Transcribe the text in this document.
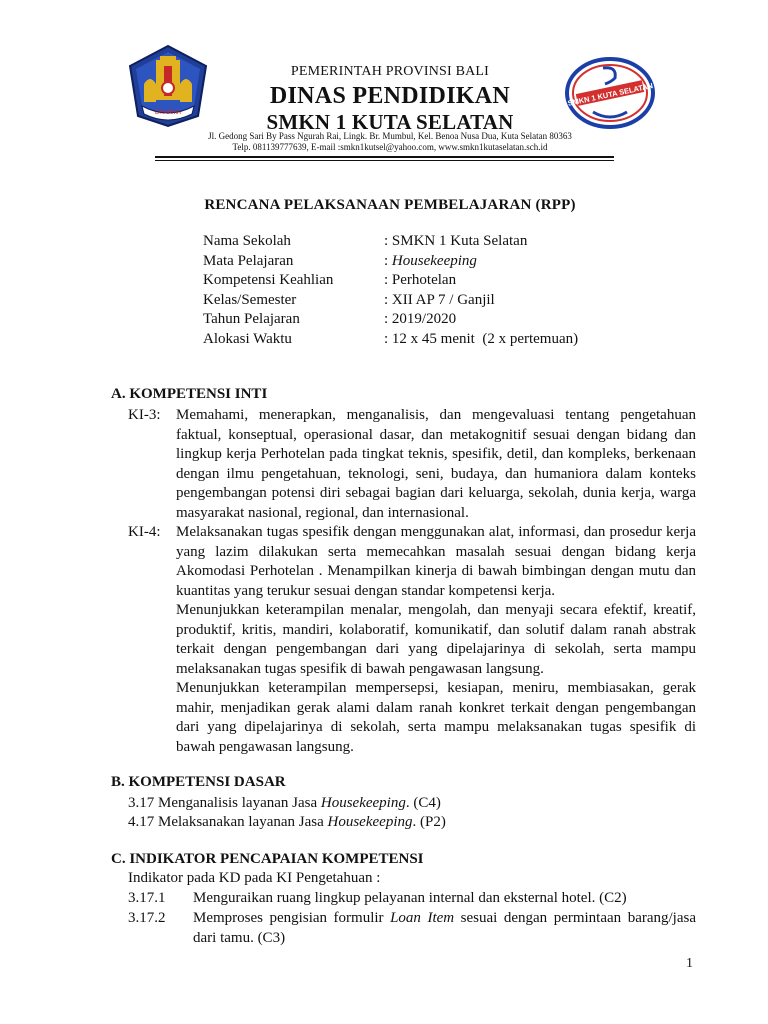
DHARMA
SMKN 1 KUTA SELATAN
PEMERINTAH PROVINSI BALI
DINAS PENDIDIKAN
SMKN 1 KUTA SELATAN
Jl. Gedong Sari By Pass Ngurah Rai, Lingk. Br. Mumbul, Kel. Benoa Nusa Dua, Kuta Selatan 80363
Telp. 081139777639, E-mail :smkn1kutsel@yahoo.com, www.smkn1kutaselatan.sch.id
RENCANA PELAKSANAAN PEMBELAJARAN (RPP)
Nama Sekolah	: SMKN 1 Kuta Selatan
Mata Pelajaran	: Housekeeping
Kompetensi Keahlian	: Perhotelan
Kelas/Semester	: XII AP 7 / Ganjil
Tahun Pelajaran	: 2019/2020
Alokasi Waktu	: 12 x 45 menit  (2 x pertemuan)
A. KOMPETENSI INTI
KI-3: Memahami, menerapkan, menganalisis, dan mengevaluasi tentang pengetahuan faktual, konseptual, operasional dasar, dan metakognitif sesuai dengan bidang dan lingkup kerja Perhotelan pada tingkat teknis, spesifik, detil, dan kompleks, berkenaan dengan ilmu pengetahuan, teknologi, seni, budaya, dan humaniora dalam konteks pengembangan potensi diri sebagai bagian dari keluarga, sekolah, dunia kerja, warga masyarakat nasional, regional, dan internasional.

KI-4: Melaksanakan tugas spesifik dengan menggunakan alat, informasi, dan prosedur kerja yang lazim dilakukan serta memecahkan masalah sesuai dengan bidang kerja Akomodasi Perhotelan . Menampilkan kinerja di bawah bimbingan dengan mutu dan kuantitas yang terukur sesuai dengan standar kompetensi kerja.

Menunjukkan keterampilan menalar, mengolah, dan menyaji secara efektif, kreatif, produktif, kritis, mandiri, kolaboratif, komunikatif, dan solutif dalam ranah abstrak terkait dengan pengembangan dari yang dipelajarinya di sekolah, serta mampu melaksanakan tugas spesifik di bawah pengawasan langsung.

Menunjukkan keterampilan mempersepsi, kesiapan, meniru, membiasakan, gerak mahir, menjadikan gerak alami dalam ranah konkret terkait dengan pengembangan dari yang dipelajarinya di sekolah, serta mampu melaksanakan tugas spesifik di bawah pengawasan langsung.

B. KOMPETENSI DASAR
3.17 Menganalisis layanan Jasa Housekeeping. (C4)
4.17 Melaksanakan layanan Jasa Housekeeping. (P2)
C. INDIKATOR PENCAPAIAN KOMPETENSI
Indikator pada KD pada KI Pengetahuan :
3.17.1 Menguraikan ruang lingkup pelayanan internal dan eksternal hotel. (C2)
3.17.2 Memproses pengisian formulir Loan Item sesuai dengan permintaan barang/jasa dari tamu. (C3)
1
